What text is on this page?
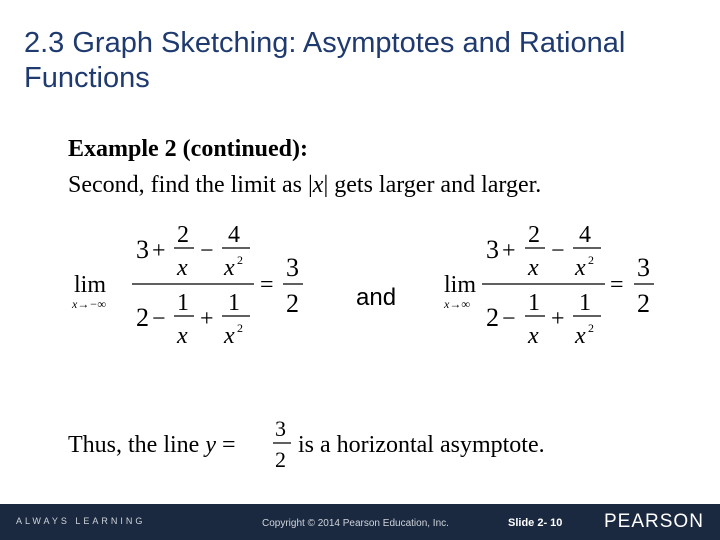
2.3 Graph Sketching: Asymptotes and Rational Functions
Example 2 (continued):
Second, find the limit as |x| gets larger and larger.
lim
x→−∞
3 +
2
x
−
4
x 2
2 −
1
x
+
1
x 2
=
3
2 and lim
x→∞
3 +
2
x
−
4
x 2
2 −
1
x
+
1
x 2
=
3
2
Thus, the line y =
3
2
is a horizontal asymptote.
ALWAYS LEARNING	Copyright © 2014 Pearson Education, Inc.	Slide 2- 10 PEARSON
